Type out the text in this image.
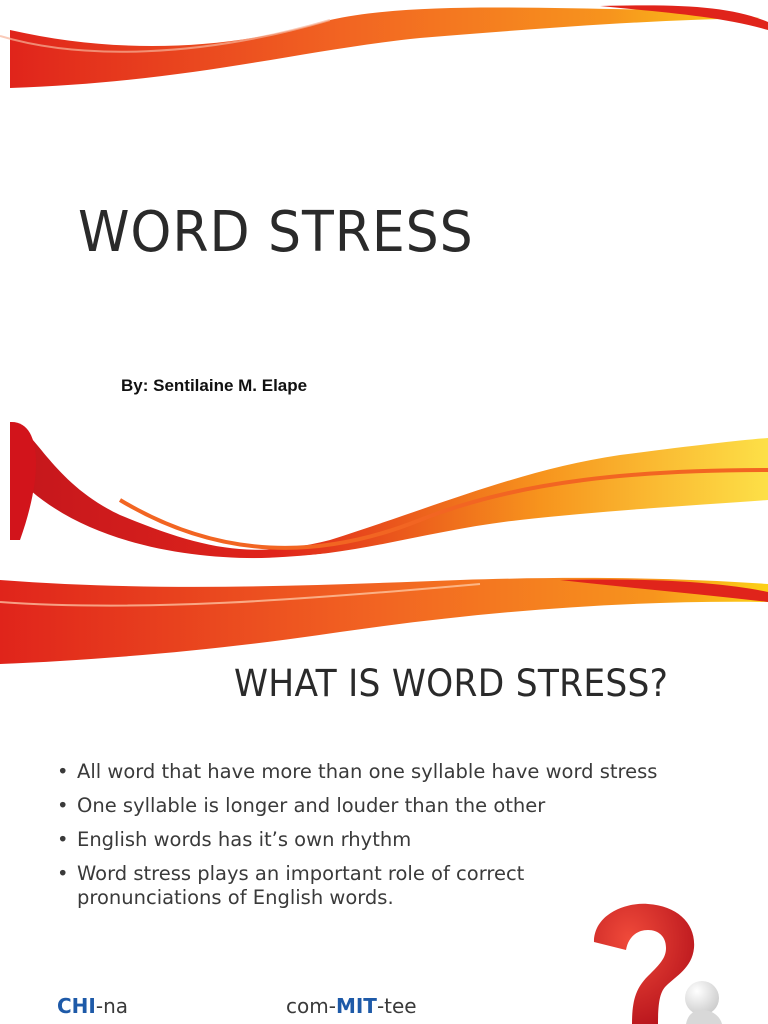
WORD STRESS

By: Sentilaine M. Elape

WHAT IS WORD STRESS?
• All word that have more than one syllable have word stress
• One syllable is longer and louder than the other
• English words has it’s own rhythm
• Word stress plays an important role of correct pronunciations of English words.

CHI-na	com-MIT-tee
